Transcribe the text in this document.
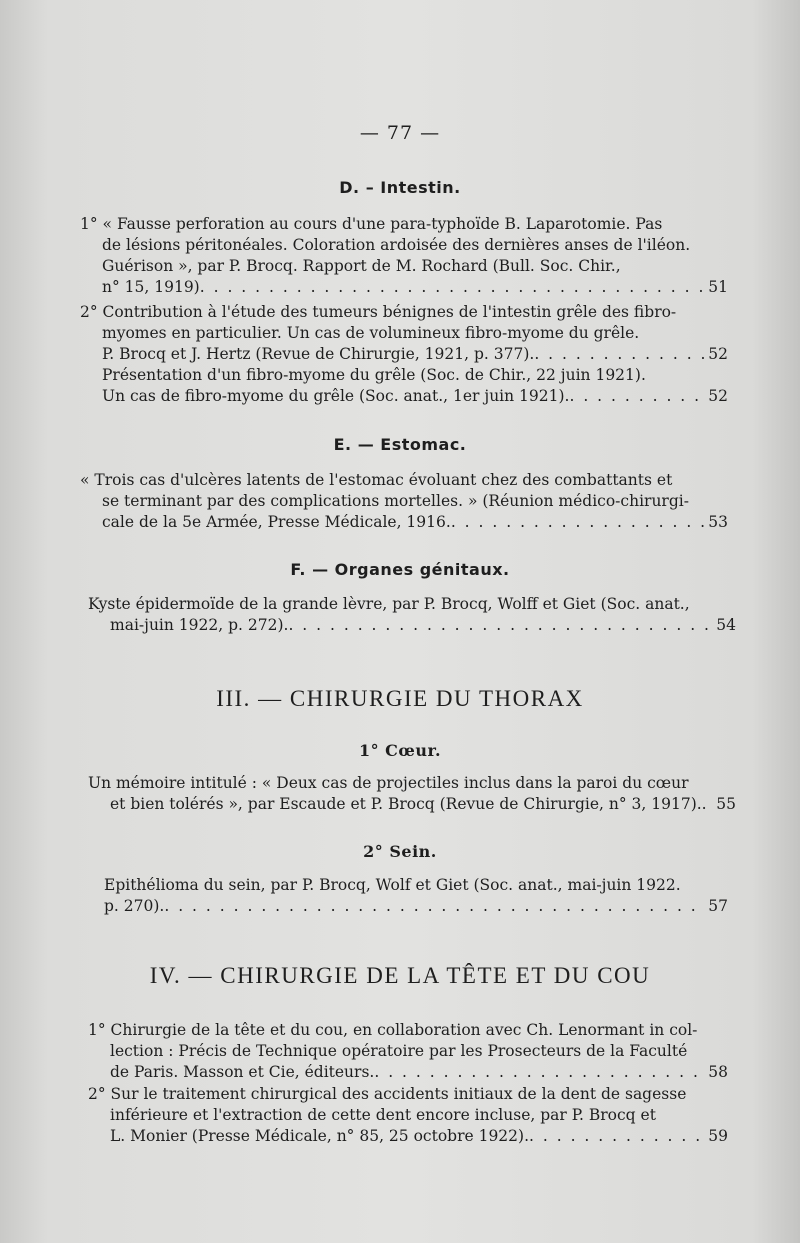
— 77 —
D. – Intestin.
1° « Fausse perforation au cours d'une para-typhoïde B. Laparotomie. Pas
de lésions péritonéales. Coloration ardoisée des dernières anses de l'iléon.
Guérison », par P. Brocq. Rapport de M. Rochard (Bull. Soc. Chir.,
n° 15, 1919) . . .	51
2° Contribution à l'étude des tumeurs bénignes de l'intestin grêle des fibro-
myomes en particulier. Un cas de volumineux fibro-myome du grêle.
P. Brocq et J. Hertz (Revue de Chirurgie, 1921, p. 377). . . .	52
Présentation d'un fibro-myome du grêle (Soc. de Chir., 22 juin 1921).
Un cas de fibro-myome du grêle (Soc. anat., 1er juin 1921). . . .	52
E. — Estomac.
« Trois cas d'ulcères latents de l'estomac évoluant chez des combattants et
se terminant par des complications mortelles. » (Réunion médico-chirurgi-
cale de la 5e Armée, Presse Médicale, 1916. . . .	53
F. — Organes génitaux.
Kyste épidermoïde de la grande lèvre, par P. Brocq, Wolff et Giet (Soc. anat.,
mai-juin 1922, p. 272). . . .	54
III. — CHIRURGIE DU THORAX
1° Cœur.
Un mémoire intitulé : « Deux cas de projectiles inclus dans la paroi du cœur
et bien tolérés », par Escaude et P. Brocq (Revue de Chirurgie, n° 3, 1917). . . . 55
2° Sein.
Epithélioma du sein, par P. Brocq, Wolf et Giet (Soc. anat., mai-juin 1922.
p. 270). . . .	57
IV. — CHIRURGIE DE LA TÊTE ET DU COU
1° Chirurgie de la tête et du cou, en collaboration avec Ch. Lenormant in col-
lection : Précis de Technique opératoire par les Prosecteurs de la Faculté
de Paris. Masson et Cie, éditeurs. . . .	58
2° Sur le traitement chirurgical des accidents initiaux de la dent de sagesse
inférieure et l'extraction de cette dent encore incluse, par P. Brocq et
L. Monier (Presse Médicale, n° 85, 25 octobre 1922). . . .	59
